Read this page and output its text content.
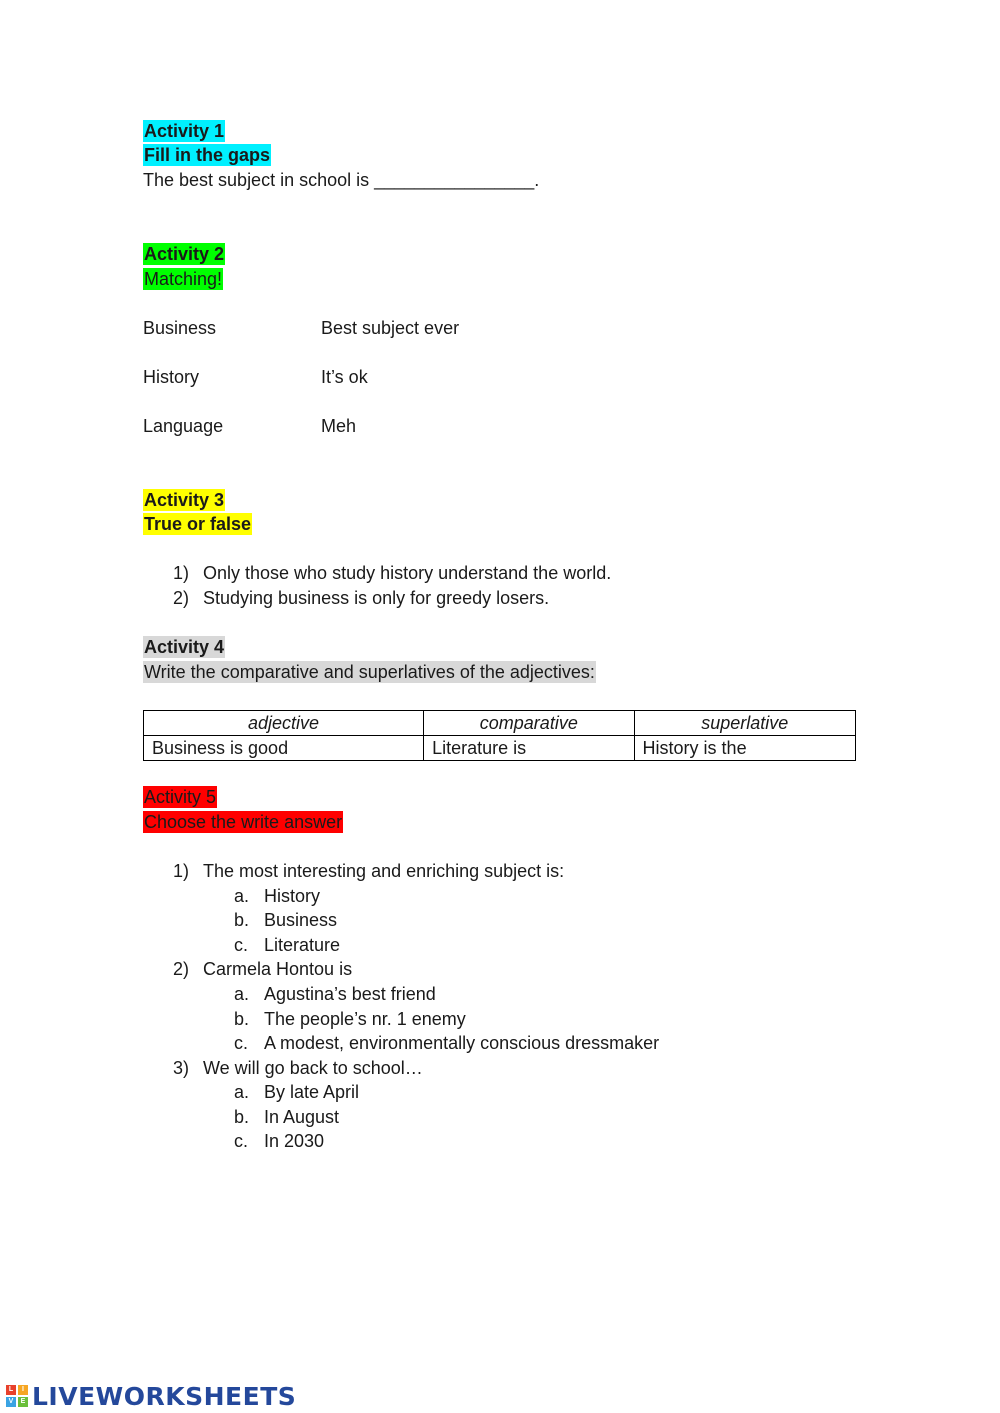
Activity 1
Fill in the gaps
The best subject in school is ________________.
Activity 2
Matching!
Business	Best subject ever
History	It’s ok
Language	Meh
Activity 3
True or false
1) Only those who study history understand the world.
2) Studying business is only for greedy losers.
Activity 4
Write the comparative and superlatives of the adjectives:
adjective	comparative	superlative
Business is good	Literature is	History is the
Activity 5
Choose the write answer
1) The most interesting and enriching subject is:
a. History
b. Business
c. Literature
2) Carmela Hontou is
a. Agustina’s best friend
b. The people’s nr. 1 enemy
c. A modest, environmentally conscious dressmaker
3) We will go back to school…
a. By late April
b. In August
c. In 2030
L	I
V	E LIVEWORKSHEETS
